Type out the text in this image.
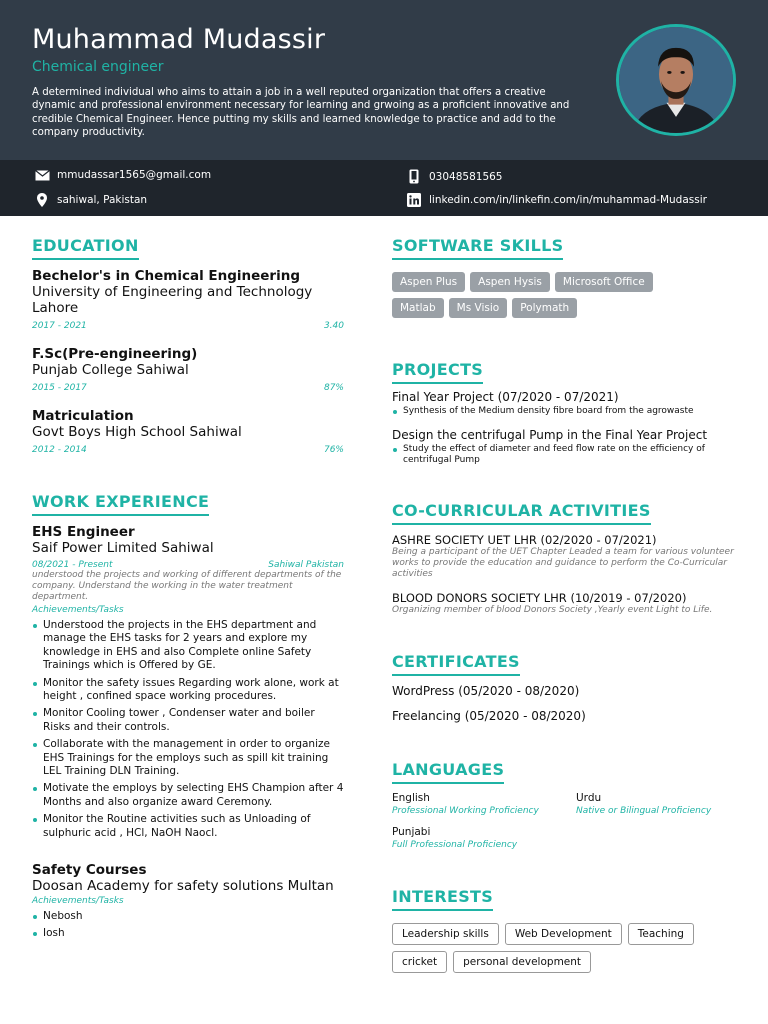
Muhammad Mudassir
Chemical engineer
A determined individual who aims to attain a job in a well reputed organization that offers a creative dynamic and professional environment necessary for learning and grwoing as a proficient innovative and credible Chemical Engineer. Hence putting my skills and learned knowledge to practice and add to the company productivity.
mmudassar1565@gmail.com	03048581565
sahiwal, Pakistan	linkedin.com/in/linkefin.com/in/muhammad-Mudassir
EDUCATION
Bechelor's in Chemical Engineering
University of Engineering and Technology Lahore
2017 - 2021	3.40
F.Sc(Pre-engineering)
Punjab College Sahiwal
2015 - 2017	87%
Matriculation
Govt Boys High School Sahiwal
2012 - 2014	76%
WORK EXPERIENCE
EHS Engineer
Saif Power Limited Sahiwal
08/2021 - Present	Sahiwal Pakistan
understood the projects and working of different departments of the company. Understand the working in the water treatment department.
Achievements/Tasks
Understood the projects in the EHS department and manage the EHS tasks for 2 years and explore my knowledge in EHS and also Complete online Safety Trainings which is Offered by GE.
Monitor the safety issues Regarding work alone, work at height , confined space working procedures.
Monitor Cooling tower , Condenser water and boiler Risks and their controls.
Collaborate with the management in order to organize EHS Trainings for the employs such as spill kit training LEL Training DLN Training.
Motivate the employs by selecting EHS Champion after 4 Months and also organize award Ceremony.
Monitor the Routine activities such as Unloading of sulphuric acid , HCl, NaOH Naocl.
Safety Courses
Doosan Academy for safety solutions Multan
Achievements/Tasks
Nebosh
Iosh
SOFTWARE SKILLS
Aspen Plus	Aspen Hysis	Microsoft Office
Matlab	Ms Visio	Polymath
PROJECTS
Final Year Project (07/2020 - 07/2021)
Synthesis of the Medium density fibre board from the agrowaste
Design the centrifugal Pump in the Final Year Project
Study the effect of diameter and feed flow rate on the efficiency of centrifugal Pump
CO-CURRICULAR ACTIVITIES
ASHRE SOCIETY UET LHR (02/2020 - 07/2021)
Being a participant of the UET Chapter Leaded a team for various volunteer works to provide the education and guidance to perform the Co-Curricular activities
BLOOD DONORS SOCIETY LHR (10/2019 - 07/2020)
Organizing member of blood Donors Society ,Yearly event Light to Life.
CERTIFICATES
WordPress (05/2020 - 08/2020)
Freelancing (05/2020 - 08/2020)
LANGUAGES
English
Professional Working Proficiency
Urdu
Native or Bilingual Proficiency
Punjabi
Full Professional Proficiency
INTERESTS
Leadership skills	Web Development	Teaching
cricket	personal development
